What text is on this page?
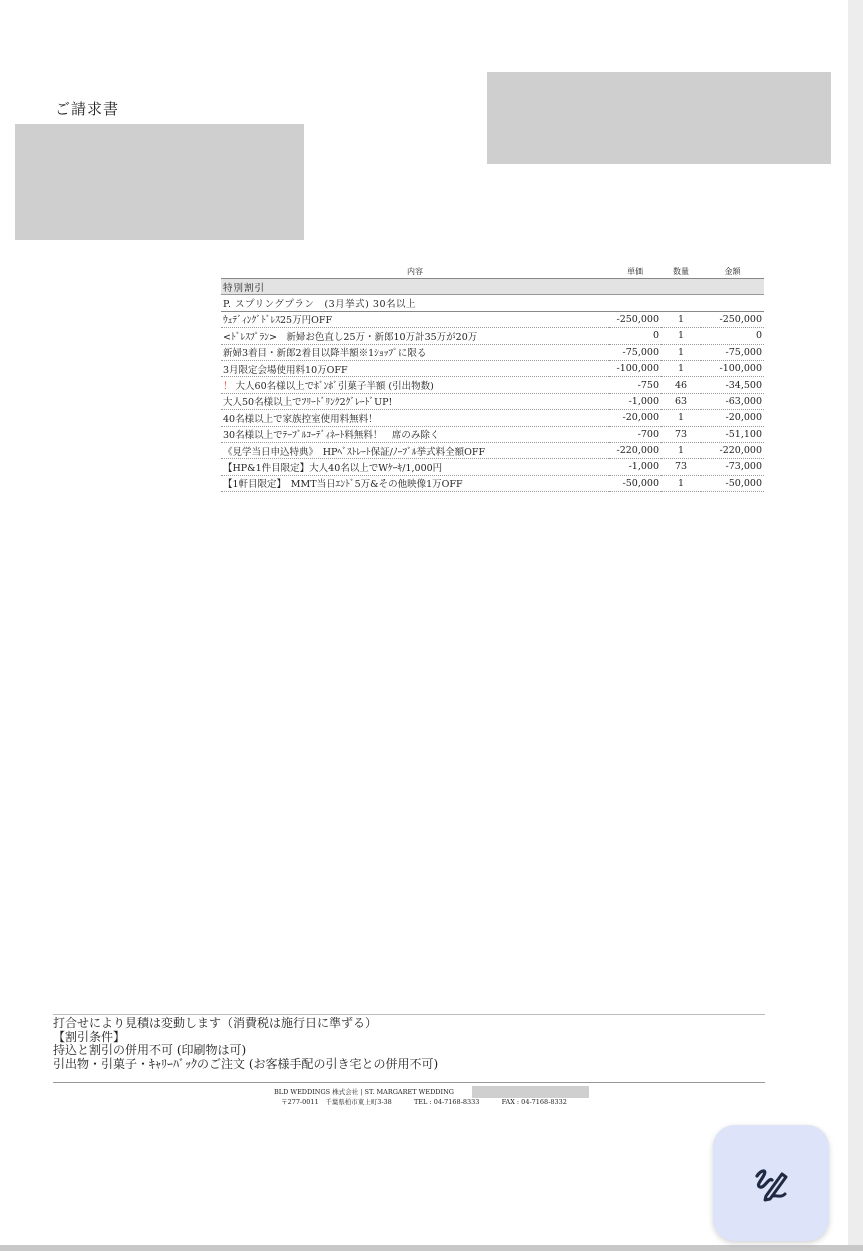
ご請求書
内容	単価	数量	金額
特別割引			
P. スプリングプラン　(3月挙式) 30名以上			
ｳｪﾃﾞｨﾝｸﾞﾄﾞﾚｽ25万円OFF	-250,000	1	-250,000
<ﾄﾞﾚｽﾌﾟﾗﾝ>　新婦お色直し25万・新郎10万計35万が20万	0	1	0
新婦3着目・新郎2着目以降半額※1ｼｮｯﾌﾟに限る	-75,000	1	-75,000
3月限定会場使用料10万OFF	-100,000	1	-100,000
！ 大人60名様以上でﾎﾞﾝﾎﾞ引菓子半額 (引出物数)	-750	46	-34,500
大人50名様以上でﾌﾘｰﾄﾞﾘﾝｸ2ｸﾞﾚｰﾄﾞUP!	-1,000	63	-63,000
40名様以上で家族控室使用料無料！	-20,000	1	-20,000
30名様以上でﾃｰﾌﾞﾙｺｰﾃﾞｨﾈｰﾄ料無料！　席のみ除く	-700	73	-51,100
《見学当日申込特典》　HPﾍﾞｽﾄﾚｰﾄ保証/ﾉｰﾌﾞﾙ挙式料全額OFF	-220,000	1	-220,000
【HP&1件目限定】大人40名以上でWｹｰｷ/1,000円	-1,000	73	-73,000
【1軒目限定】　MMT当日ｴﾝﾄﾞ5万&その他映像1万OFF	-50,000	1	-50,000
打合せにより見積は変動します（消費税は施行日に準ずる）
【割引条件】
持込と割引の併用不可 (印刷物は可)
引出物・引菓子・ｷｬﾘｰﾊﾞｯｸのご注文 (お客様手配の引き宅との併用不可)
BLD WEDDINGS 株式会社 | ST. MARGARET WEDDING
〒277-0011　千葉県柏市東上町3-38	TEL : 04-7168-8333	FAX : 04-7168-8332
